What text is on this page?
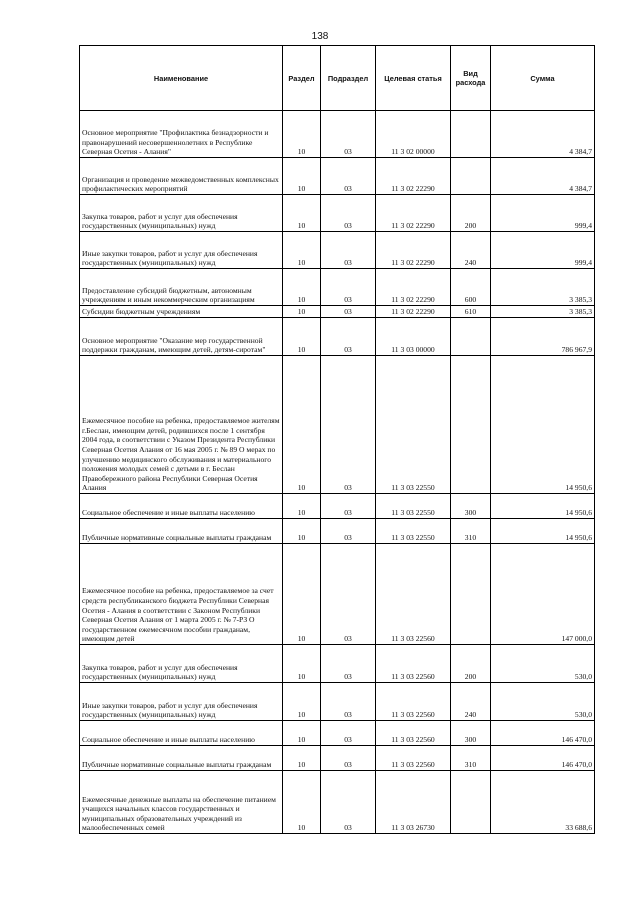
138
Наименование	Раздел	Подраздел	Целевая статья	Вид расхода	Сумма
Основное мероприятие "Профилактика безнадзорности и правонарушений несовершеннолетних в Республике Северная Осетия - Алания"	10	03	11 3 02 00000		4 384,7
Организация и проведение межведомственных комплексных профилактических мероприятий	10	03	11 3 02 22290		4 384,7
Закупка товаров, работ и услуг для обеспечения государственных (муниципальных) нужд	10	03	11 3 02 22290	200	999,4
Иные закупки товаров, работ и услуг для обеспечения государственных (муниципальных) нужд	10	03	11 3 02 22290	240	999,4
Предоставление субсидий бюджетным, автономным учреждениям и иным некоммерческим организациям	10	03	11 3 02 22290	600	3 385,3
Субсидии бюджетным учреждениям	10	03	11 3 02 22290	610	3 385,3
Основное мероприятие "Оказание мер государственной поддержки гражданам, имеющим детей, детям-сиротам"	10	03	11 3 03 00000		786 967,9
Ежемесячное пособие на ребенка, предоставляемое жителям г.Беслан, имеющим детей, родившихся после 1 сентября 2004 года, в соответствии с Указом Президента Республики Северная Осетия Алания от 16 мая 2005 г. № 89 О мерах по улучшению медицинского обслуживания и материального положения молодых семей с детьми в г. Беслан Правобережного района Республики Северная Осетия Алания	10	03	11 3 03 22550		14 950,6
Социальное обеспечение и иные выплаты населению	10	03	11 3 03 22550	300	14 950,6
Публичные нормативные социальные выплаты гражданам	10	03	11 3 03 22550	310	14 950,6
Ежемесячное пособие на ребенка, предоставляемое за счет средств республиканского бюджета Республики Северная Осетия - Алания в соответствии с Законом Республики Северная Осетия Алания от 1 марта 2005 г. № 7-РЗ О государственном ежемесячном пособии гражданам, имеющим детей	10	03	11 3 03 22560		147 000,0
Закупка товаров, работ и услуг для обеспечения государственных (муниципальных) нужд	10	03	11 3 03 22560	200	530,0
Иные закупки товаров, работ и услуг для обеспечения государственных (муниципальных) нужд	10	03	11 3 03 22560	240	530,0
Социальное обеспечение и иные выплаты населению	10	03	11 3 03 22560	300	146 470,0
Публичные нормативные социальные выплаты гражданам	10	03	11 3 03 22560	310	146 470,0
Ежемесячные денежные выплаты на обеспечение питанием учащихся начальных классов государственных и муниципальных образовательных учреждений из малообеспеченных семей	10	03	11 3 03 26730		33 688,6
